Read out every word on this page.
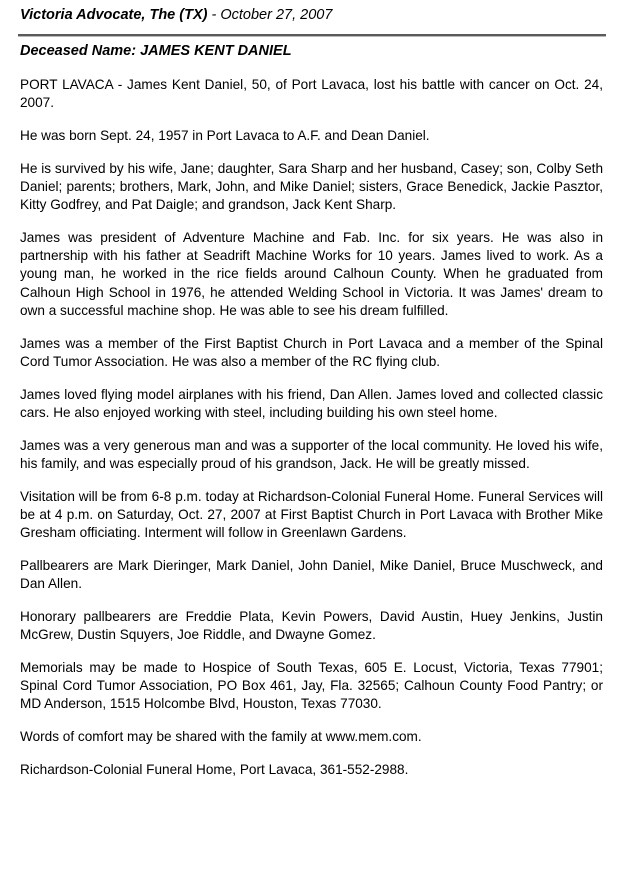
Victoria Advocate, The (TX) - October 27, 2007
Deceased Name: JAMES KENT DANIEL

PORT LAVACA - James Kent Daniel, 50, of Port Lavaca, lost his battle with cancer on Oct. 24, 2007.

He was born Sept. 24, 1957 in Port Lavaca to A.F. and Dean Daniel.

He is survived by his wife, Jane; daughter, Sara Sharp and her husband, Casey; son, Colby Seth Daniel; parents; brothers, Mark, John, and Mike Daniel; sisters, Grace Benedick, Jackie Pasztor, Kitty Godfrey, and Pat Daigle; and grandson, Jack Kent Sharp.

James was president of Adventure Machine and Fab. Inc. for six years. He was also in partnership with his father at Seadrift Machine Works for 10 years. James lived to work. As a young man, he worked in the rice fields around Calhoun County. When he graduated from Calhoun High School in 1976, he attended Welding School in Victoria. It was James' dream to own a successful machine shop. He was able to see his dream fulfilled.

James was a member of the First Baptist Church in Port Lavaca and a member of the Spinal Cord Tumor Association. He was also a member of the RC flying club.

James loved flying model airplanes with his friend, Dan Allen. James loved and collected classic cars. He also enjoyed working with steel, including building his own steel home.

James was a very generous man and was a supporter of the local community. He loved his wife, his family, and was especially proud of his grandson, Jack. He will be greatly missed.

Visitation will be from 6-8 p.m. today at Richardson-Colonial Funeral Home. Funeral Services will be at 4 p.m. on Saturday, Oct. 27, 2007 at First Baptist Church in Port Lavaca with Brother Mike Gresham officiating. Interment will follow in Greenlawn Gardens.

Pallbearers are Mark Dieringer, Mark Daniel, John Daniel, Mike Daniel, Bruce Muschweck, and Dan Allen.

Honorary pallbearers are Freddie Plata, Kevin Powers, David Austin, Huey Jenkins, Justin McGrew, Dustin Squyers, Joe Riddle, and Dwayne Gomez.

Memorials may be made to Hospice of South Texas, 605 E. Locust, Victoria, Texas 77901; Spinal Cord Tumor Association, PO Box 461, Jay, Fla. 32565; Calhoun County Food Pantry; or MD Anderson, 1515 Holcombe Blvd, Houston, Texas 77030.

Words of comfort may be shared with the family at www.mem.com.

Richardson-Colonial Funeral Home, Port Lavaca, 361-552-2988.
